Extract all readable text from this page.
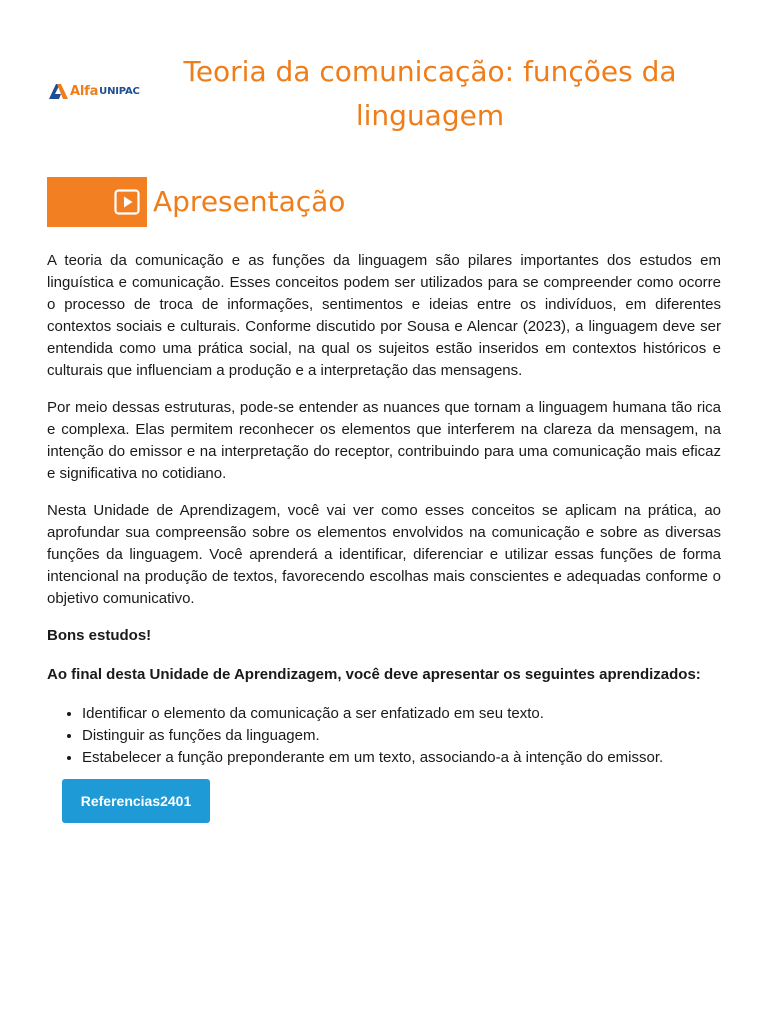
Alfa UNIPAC
Teoria da comunicação: funções da linguagem
Apresentação

A teoria da comunicação e as funções da linguagem são pilares importantes dos estudos em linguística e comunicação. Esses conceitos podem ser utilizados para se compreender como ocorre o processo de troca de informações, sentimentos e ideias entre os indivíduos, em diferentes contextos sociais e culturais. Conforme discutido por Sousa e Alencar (2023), a linguagem deve ser entendida como uma prática social, na qual os sujeitos estão inseridos em contextos históricos e culturais que influenciam a produção e a interpretação das mensagens.

Por meio dessas estruturas, pode-se entender as nuances que tornam a linguagem humana tão rica e complexa. Elas permitem reconhecer os elementos que interferem na clareza da mensagem, na intenção do emissor e na interpretação do receptor, contribuindo para uma comunicação mais eficaz e significativa no cotidiano.

Nesta Unidade de Aprendizagem, você vai ver como esses conceitos se aplicam na prática, ao aprofundar sua compreensão sobre os elementos envolvidos na comunicação e sobre as diversas funções da linguagem. Você aprenderá a identificar, diferenciar e utilizar essas funções de forma intencional na produção de textos, favorecendo escolhas mais conscientes e adequadas conforme o objetivo comunicativo.

Bons estudos!

Ao final desta Unidade de Aprendizagem, você deve apresentar os seguintes aprendizados:

• Identificar o elemento da comunicação a ser enfatizado em seu texto.
• Distinguir as funções da linguagem.
• Estabelecer a função preponderante em um texto, associando-a à intenção do emissor.
Referencias2401
